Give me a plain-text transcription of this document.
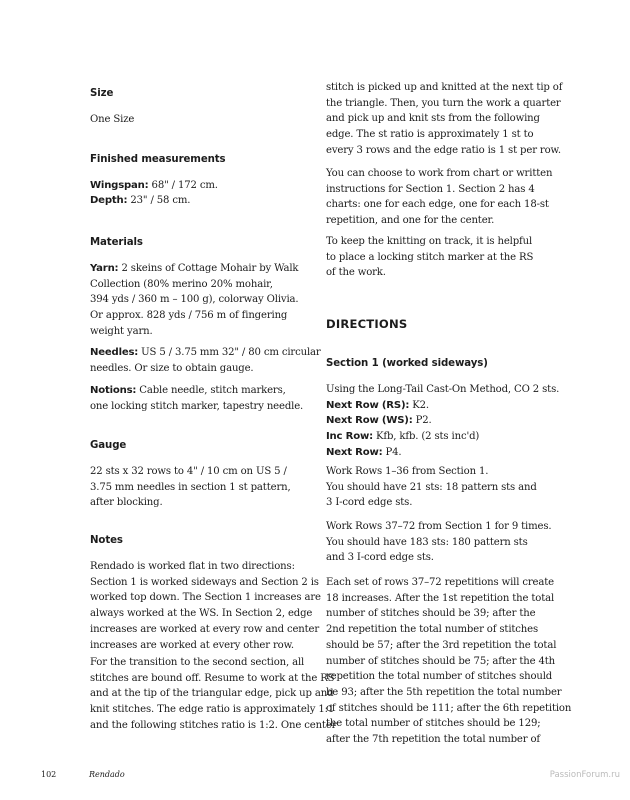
Size
One Size
Finished measurements
Wingspan: 68" / 172 cm.
Depth: 23" / 58 cm.
Materials
Yarn: 2 skeins of Cottage Mohair by Walk
Collection (80% merino 20% mohair,
394 yds / 360 m – 100 g), colorway Olivia.
Or approx. 828 yds / 756 m of fingering
weight yarn.
Needles: US 5 / 3.75 mm 32" / 80 cm circular
needles. Or size to obtain gauge.
Notions: Cable needle, stitch markers,
one locking stitch marker, tapestry needle.
Gauge
22 sts x 32 rows to 4" / 10 cm on US 5 /
3.75 mm needles in section 1 st pattern,
after blocking.
Notes
Rendado is worked flat in two directions:
Section 1 is worked sideways and Section 2 is
worked top down. The Section 1 increases are
always worked at the WS. In Section 2, edge
increases are worked at every row and center
increases are worked at every other row.
For the transition to the second section, all
stitches are bound off. Resume to work at the RS
and at the tip of the triangular edge, pick up and
knit stitches. The edge ratio is approximately 1:1
and the following stitches ratio is 1:2. One center
stitch is picked up and knitted at the next tip of
the triangle. Then, you turn the work a quarter
and pick up and knit sts from the following
edge. The st ratio is approximately 1 st to
every 3 rows and the edge ratio is 1 st per row.
You can choose to work from chart or written
instructions for Section 1. Section 2 has 4
charts: one for each edge, one for each 18-st
repetition, and one for the center.
To keep the knitting on track, it is helpful
to place a locking stitch marker at the RS
of the work.
DIRECTIONS
Section 1 (worked sideways)
Using the Long-Tail Cast-On Method, CO 2 sts.
Next Row (RS): K2.
Next Row (WS): P2.
Inc Row: Kfb, kfb. (2 sts inc'd)
Next Row: P4.
Work Rows 1–36 from Section 1.
You should have 21 sts: 18 pattern sts and
3 I-cord edge sts.
Work Rows 37–72 from Section 1 for 9 times.
You should have 183 sts: 180 pattern sts
and 3 I-cord edge sts.
Each set of rows 37–72 repetitions will create
18 increases. After the 1st repetition the total
number of stitches should be 39; after the
2nd repetition the total number of stitches
should be 57; after the 3rd repetition the total
number of stitches should be 75; after the 4th
repetition the total number of stitches should
be 93; after the 5th repetition the total number
of stitches should be 111; after the 6th repetition
the total number of stitches should be 129;
after the 7th repetition the total number of
102	Rendado	PassionForum.ru
